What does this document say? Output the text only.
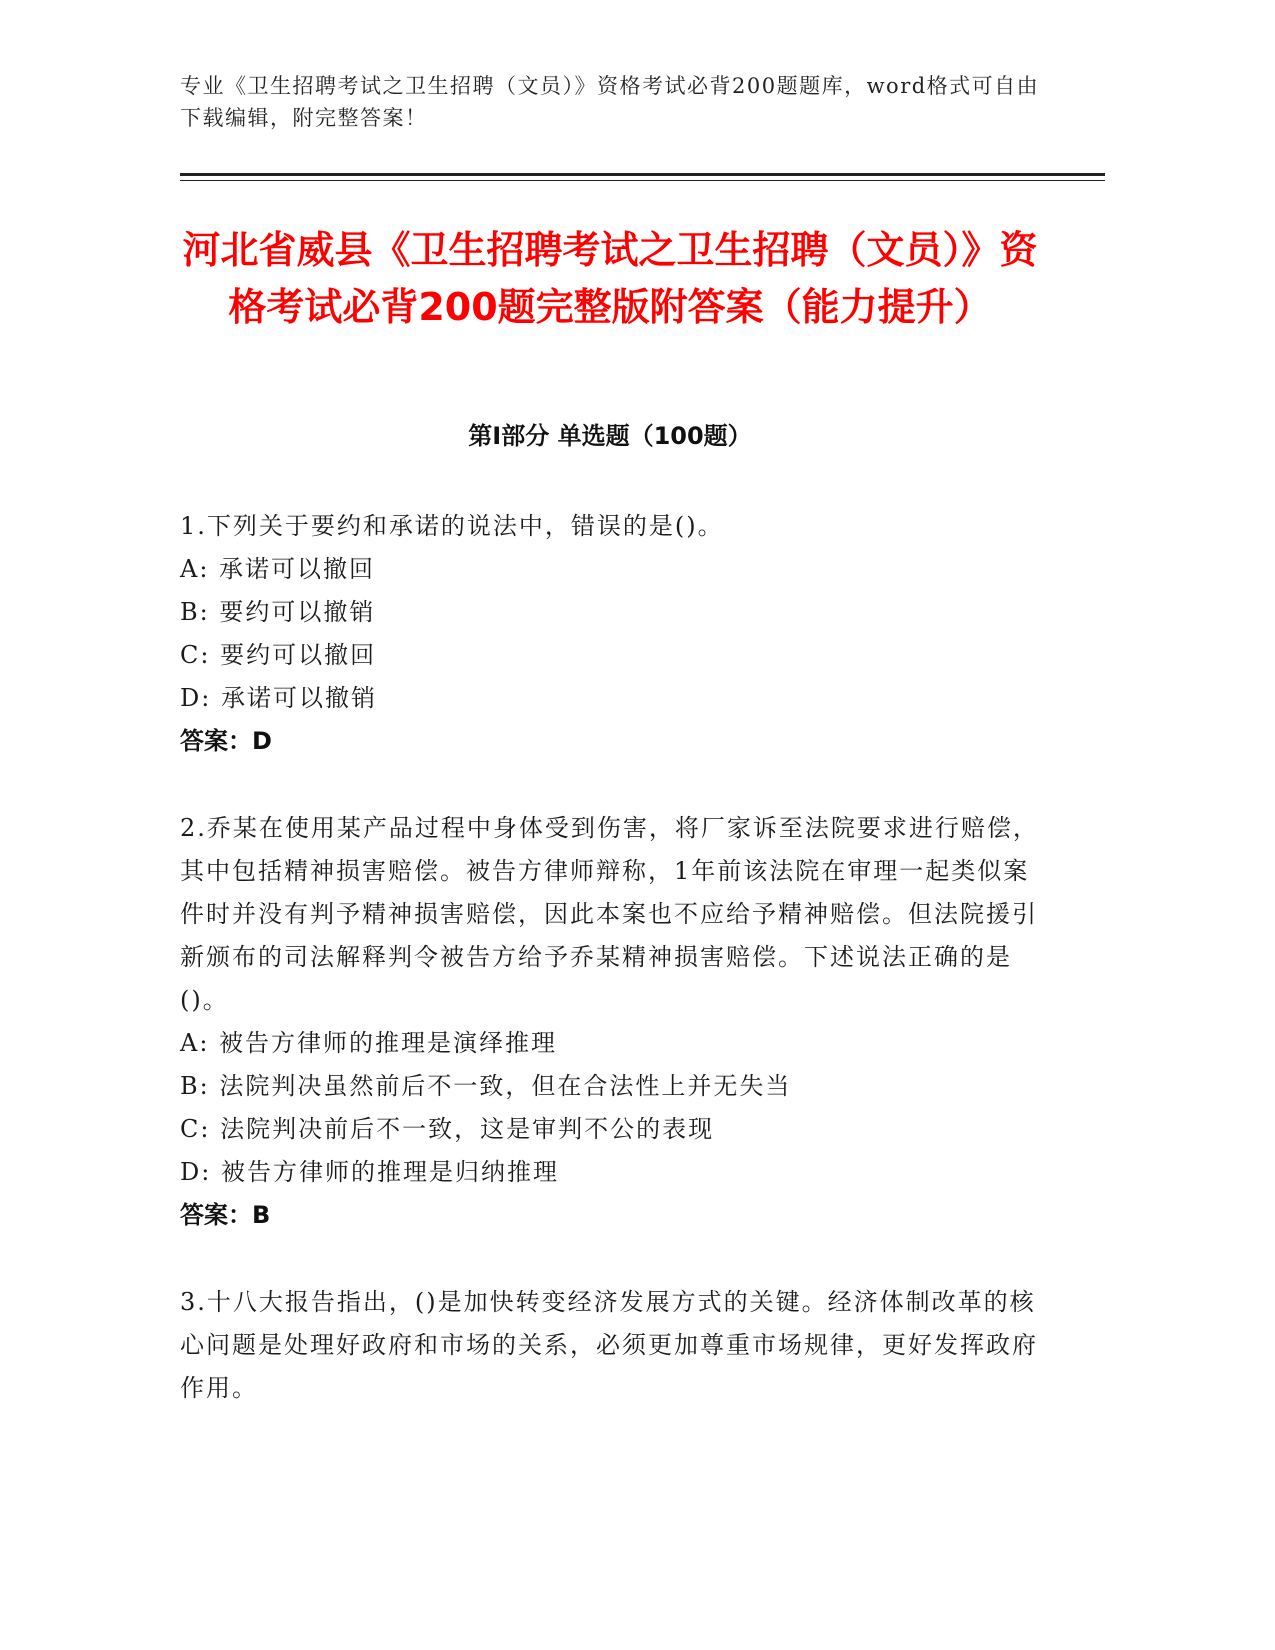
专业《卫生招聘考试之卫生招聘（文员）》资格考试必背200题题库，word格式可自由下载编辑，附完整答案！
河北省威县《卫生招聘考试之卫生招聘（文员）》资格考试必背200题完整版附答案（能力提升）
第I部分 单选题（100题）
1.下列关于要约和承诺的说法中，错误的是()。
A: 承诺可以撤回
B: 要约可以撤销
C: 要约可以撤回
D: 承诺可以撤销
答案：D
2.乔某在使用某产品过程中身体受到伤害，将厂家诉至法院要求进行赔偿，其中包括精神损害赔偿。被告方律师辩称，1年前该法院在审理一起类似案件时并没有判予精神损害赔偿，因此本案也不应给予精神赔偿。但法院援引新颁布的司法解释判令被告方给予乔某精神损害赔偿。下述说法正确的是()。
A: 被告方律师的推理是演绎推理
B: 法院判决虽然前后不一致，但在合法性上并无失当
C: 法院判决前后不一致，这是审判不公的表现
D: 被告方律师的推理是归纳推理
答案：B
3.十八大报告指出，()是加快转变经济发展方式的关键。经济体制改革的核心问题是处理好政府和市场的关系，必须更加尊重市场规律，更好发挥政府作用。
